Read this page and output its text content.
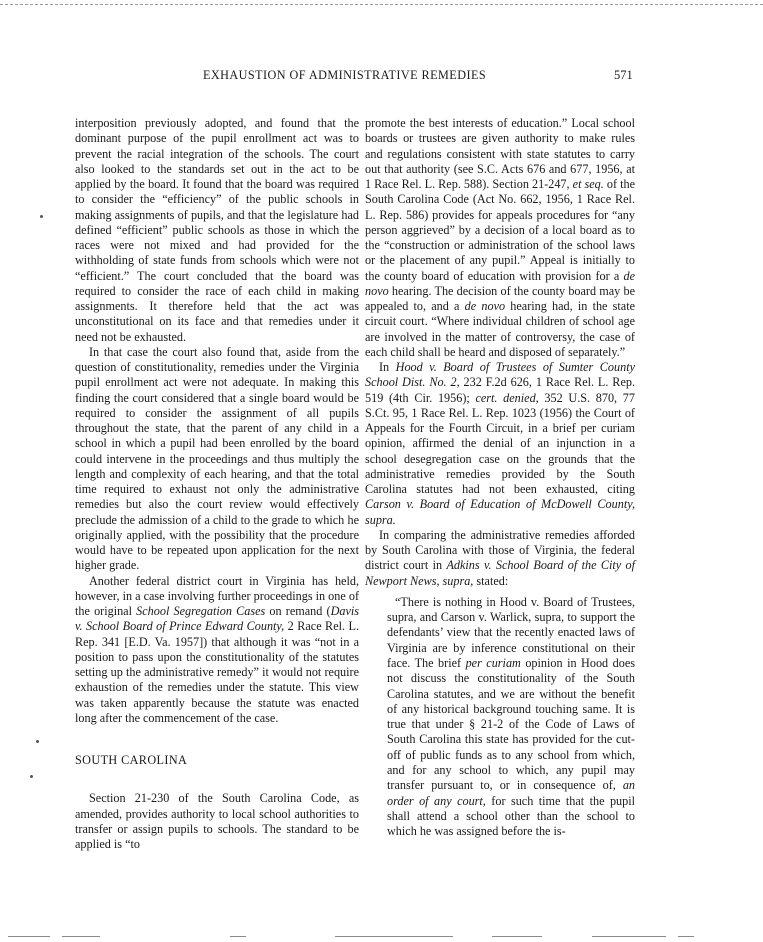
EXHAUSTION OF ADMINISTRATIVE REMEDIES	571

interposition previously adopted, and found that the dominant purpose of the pupil enrollment act was to prevent the racial integration of the schools. The court also looked to the standards set out in the act to be applied by the board. It found that the board was required to consider the “efficiency” of the public schools in making assignments of pupils, and that the legislature had defined “efficient” public schools as those in which the races were not mixed and had provided for the withholding of state funds from schools which were not “efficient.” The court concluded that the board was required to consider the race of each child in making assignments. It therefore held that the act was unconstitutional on its face and that remedies under it need not be exhausted.

In that case the court also found that, aside from the question of constitutionality, remedies under the Virginia pupil enrollment act were not adequate. In making this finding the court considered that a single board would be required to consider the assignment of all pupils throughout the state, that the parent of any child in a school in which a pupil had been enrolled by the board could intervene in the proceedings and thus multiply the length and complexity of each hearing, and that the total time required to exhaust not only the administrative remedies but also the court review would effectively preclude the admission of a child to the grade to which he originally applied, with the possibility that the procedure would have to be repeated upon application for the next higher grade.

Another federal district court in Virginia has held, however, in a case involving further proceedings in one of the original School Segregation Cases on remand (Davis v. School Board of Prince Edward County, 2 Race Rel. L. Rep. 341 [E.D. Va. 1957]) that although it was “not in a position to pass upon the constitutionality of the statutes setting up the administrative remedy” it would not require exhaustion of the remedies under the statute. This view was taken apparently because the statute was enacted long after the commencement of the case.

SOUTH CAROLINA

Section 21-230 of the South Carolina Code, as amended, provides authority to local school authorities to transfer or assign pupils to schools. The standard to be applied is “to

promote the best interests of education.” Local school boards or trustees are given authority to make rules and regulations consistent with state statutes to carry out that authority (see S.C. Acts 676 and 677, 1956, at 1 Race Rel. L. Rep. 588). Section 21-247, et seq. of the South Carolina Code (Act No. 662, 1956, 1 Race Rel. L. Rep. 586) provides for appeals procedures for “any person aggrieved” by a decision of a local board as to the “construction or administration of the school laws or the placement of any pupil.” Appeal is initially to the county board of education with provision for a de novo hearing. The decision of the county board may be appealed to, and a de novo hearing had, in the state circuit court. “Where individual children of school age are involved in the matter of controversy, the case of each child shall be heard and disposed of separately.”

In Hood v. Board of Trustees of Sumter County School Dist. No. 2, 232 F.2d 626, 1 Race Rel. L. Rep. 519 (4th Cir. 1956); cert. denied, 352 U.S. 870, 77 S.Ct. 95, 1 Race Rel. L. Rep. 1023 (1956) the Court of Appeals for the Fourth Circuit, in a brief per curiam opinion, affirmed the denial of an injunction in a school desegregation case on the grounds that the administrative remedies provided by the South Carolina statutes had not been exhausted, citing Carson v. Board of Education of McDowell County, supra.

In comparing the administrative remedies afforded by South Carolina with those of Virginia, the federal district court in Adkins v. School Board of the City of Newport News, supra, stated:

“There is nothing in Hood v. Board of Trustees, supra, and Carson v. Warlick, supra, to support the defendants’ view that the recently enacted laws of Virginia are by inference constitutional on their face. The brief per curiam opinion in Hood does not discuss the constitutionality of the South Carolina statutes, and we are without the benefit of any historical background touching same. It is true that under § 21-2 of the Code of Laws of South Carolina this state has provided for the cut-off of public funds as to any school from which, and for any school to which, any pupil may transfer pursuant to, or in consequence of, an order of any court, for such time that the pupil shall attend a school other than the school to which he was assigned before the is-
